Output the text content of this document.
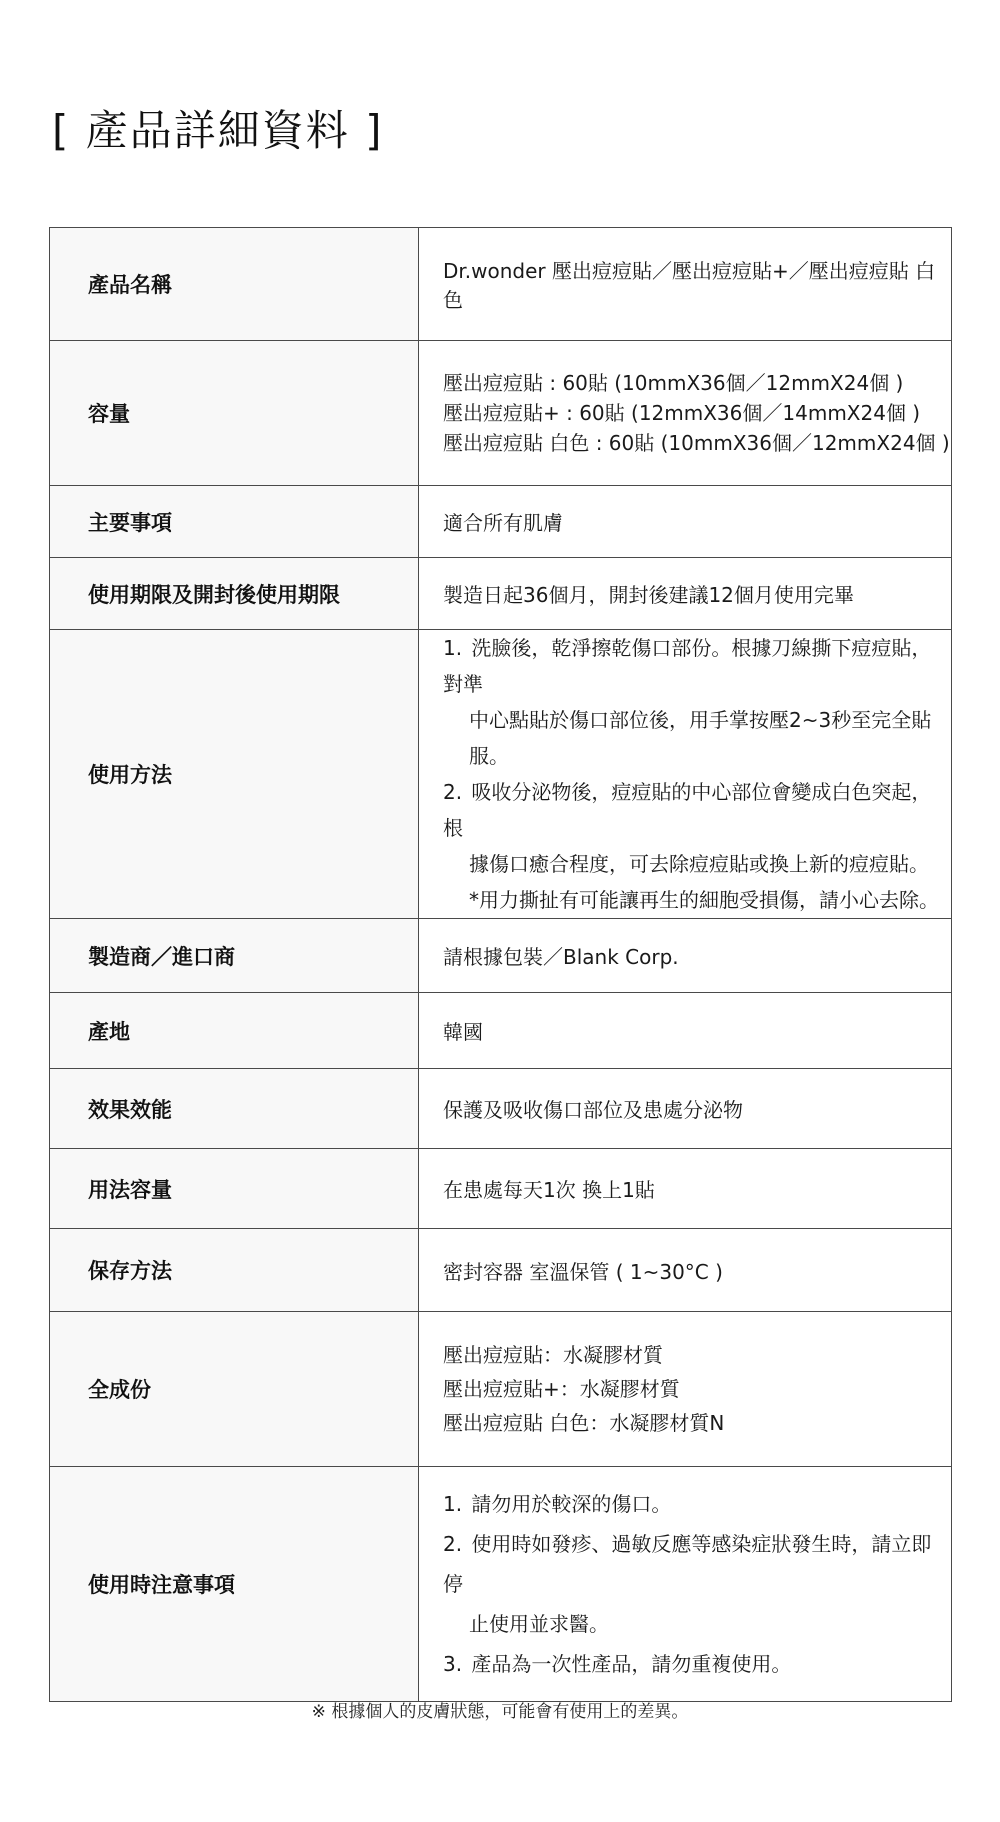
[ 產品詳細資料 ]
產品名稱	Dr.wonder 壓出痘痘貼／壓出痘痘貼+／壓出痘痘貼 白色
容量	壓出痘痘貼 : 60貼 (10mmX36個／12mmX24個 )
壓出痘痘貼+ : 60貼 (12mmX36個／14mmX24個 )
壓出痘痘貼 白色 : 60貼 (10mmX36個／12mmX24個 )

主要事項	適合所有肌膚
使用期限及開封後使用期限	製造日起36個月，開封後建議12個月使用完畢
使用方法	1. 洗臉後，乾淨擦乾傷口部份。根據刀線撕下痘痘貼，對準
中心點貼於傷口部位後，用手掌按壓2~3秒至完全貼服。
2. 吸收分泌物後，痘痘貼的中心部位會變成白色突起，根
據傷口癒合程度，可去除痘痘貼或換上新的痘痘貼。
*用力撕扯有可能讓再生的細胞受損傷，請小心去除。

製造商／進口商	請根據包裝／Blank Corp.
產地	韓國
效果效能	保護及吸收傷口部位及患處分泌物
用法容量	在患處每天1次 換上1貼
保存方法	密封容器 室溫保管 ( 1~30°C )
全成份	壓出痘痘貼：水凝膠材質
壓出痘痘貼+：水凝膠材質
壓出痘痘貼 白色：水凝膠材質N

使用時注意事項	1. 請勿用於較深的傷口。
2. 使用時如發疹、過敏反應等感染症狀發生時，請立即停
止使用並求醫。
3. 產品為一次性產品，請勿重複使用。
※ 根據個人的皮膚狀態，可能會有使用上的差異。
